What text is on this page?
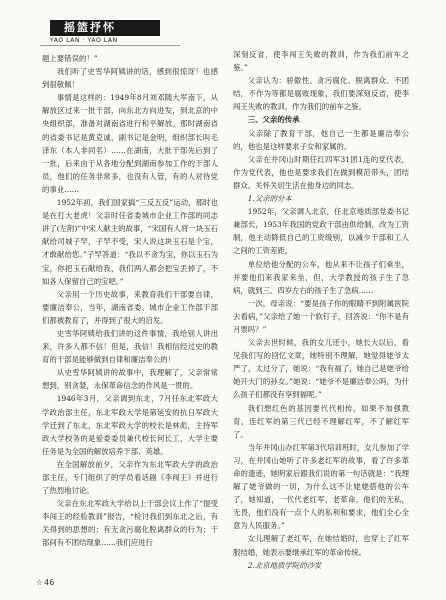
摇篮抒怀
YAO LAN · YAO LAN

题上要错误的！”

我们听了史雪华阿姨讲的话，感到很惊讶！也感到很敬佩！

事情是这样的：1949年8月刘邓随大军南下，从解放区过来一批干部，向东北方向进发，到北京的中央组织部，准备对湖南省进行和平解放。那时湖南省的省委书记是黄克诚，副书记是金明，组织部长叫毛泽东（本人非同名）……在湖南，大批干部先后到了一批，后来由于从各地分配到湖南参加工作的干部人员，他们的任务非常多，也没有人管，有的人对待党的事业……

1952年初，我们国家搞“三反五反”运动，那时也是在打大老虎！父亲时任省委城市企业工作部的同志讲了(左附)”中宋人献主的故事，“宋国有人将一块玉石献给司城子罕，子罕不受，宋人说这块玉石是个宝，才敢献给您。”子罕答道：“我以不贪为宝，你以玉石为宝，你把玉石献给我，我们两人都会把宝丢掉了，不如各人保留自己的宝吧。”

父亲用一个历史故事，来教育我们干部要自律，要廉洁奉公，当年，湖南省委、城市企业工作部干部们都被教育了，并得到了很大的启发。

史雪华阿姨给我们讲的这件事情，我给别人讲出来，许多人都不信！但是，我信！我相信经过史的教育的干部是能够做到自律和廉洁奉公的！

从史雪华阿姨讲的故事中，我理解了，父亲常常想到，别贪婪，永保革命信念的作风是一贯的。

1946年3月，父亲调到东北，7月任东北军政大学政治部主任，东北军政大学是第延安的抗日军政大学迁到了东北，东北军政大学的校长是林彪，主持军政大学校务的是爱委委员兼代校长何长工，大学主要任务是为全国的解放培养干部、英雄。

在全国解放前夕，父亲作为东北军政大学的政治部主任，专门组织了的学员看话剧《李闯王》并进行了热烈地讨论。

父亲在东北军政大学给以上干部会议上作了“提受李闯王的经验教训”报告，“检讨我们到东北之后，有关得到的思想的；有无贪污腐化脱离群众的行为；干部间有不团结现象……我们应进行

深刻反省，使李闯王失败的教训，作为我们前车之鉴。”

父亲认为：骄傲性、贪污腐化、脱离群众、不团结，不作为等都是腐败现象，我们要深刻反省，使李闯王失败的教训，作为我们的前车之鉴。

三、父亲的传承

父亲除了教育干部，他自己一生都是廉洁奉公的，他也是这样要求子女和家属的。

父亲在井冈山时期任红四军31团1连的党代表，作为党代表，他也是要求我们在做到模范带头，团结群众。关怀关切生活在他身边的同志。

1.父亲的分本

1952年，父亲调人北京，任北京地质部党委书记兼部长，1953年我国的党政干部由供给制，改为工资制，他主动降低自己的工资级别，以减少干部和工人之间的工资差距。

单位给他分配的公车，他从来不让孩子们乘坐，并要他们来我家来坐，但，大学教授的孩子生了急病，就到三、四岁左右的孩子生了急病……

一次，母亲说：“要是孩子你的眼睛不到附属医院去看病，”父亲给了她一个软钉子，回答说：“你不是有月票吗？”

父亲去世时候，我的女儿还小，她长大以后，看见我们写的回忆文章，她特别不理解，她觉得姥爷太严了，太过分了，她说：“我有福了，她自己是姥爷给她开大门的孙女。”她说：“姥爷不是廉洁奉公吗，为什么孩子们都没有享到福呢。”

我们想红色的基因要代代相传，如果不加强教育，连红军的第三代已经不理解红军，不了解红军了。

当年井冈山办红军第3代培训班时，女儿参加了学习，在井冈山她听了许多老红军的故事，看了许多革命的遗迹，她明家后跟我们说的第一句话就是：“我理解了姥爷做的一切，为什么这不让姥姥搭他的公车了，她知道，一代代老红军，老革命，他们的无私，无畏，他们没有一点个人的私利和要求，他们全心全意为人民服务。”

女儿理解了老红军，在她结婚时，也穿上了红军服结婚，她表示要继承红军的革命传统。

2.北京地质学院的沙发

☆46
